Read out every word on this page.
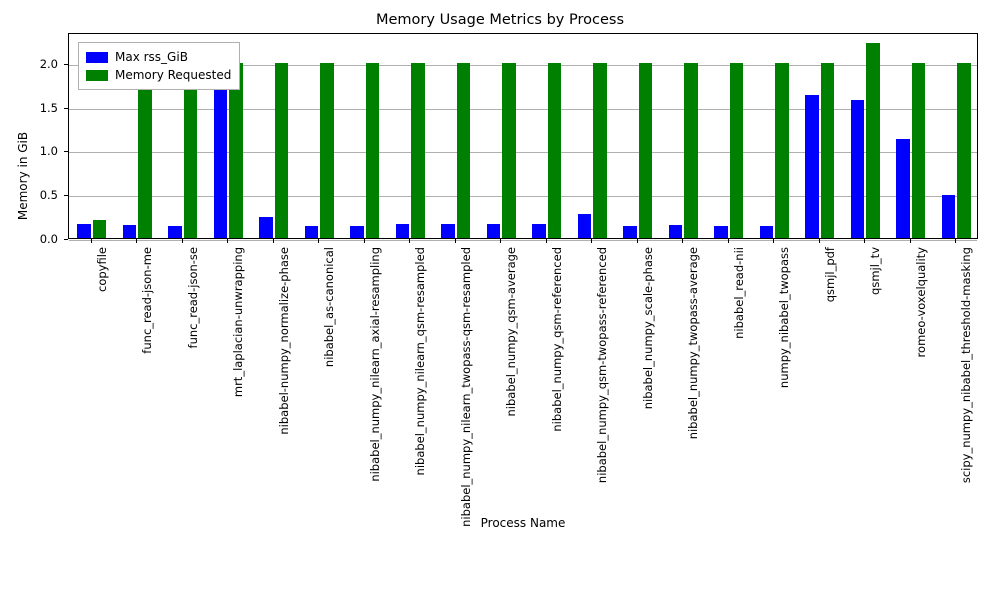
Memory Usage Metrics by Process
Memory in GiB
0.0
0.5
1.0
1.5
2.0
copyfile	func_read-json-me	func_read-json-se	mrt_laplacian-unwrapping	nibabel-numpy_normalize-phase	nibabel_as-canonical	nibabel_numpy_nilearn_axial-resampling	nibabel_numpy_nilearn_qsm-resampled	nibabel_numpy_nilearn_twopass-qsm-resampled	nibabel_numpy_qsm-average	nibabel_numpy_qsm-referenced	nibabel_numpy_qsm-twopass-referenced	nibabel_numpy_scale-phase	nibabel_numpy_twopass-average	nibabel_read-nii	numpy_nibabel_twopass	qsmjl_pdf	qsmjl_tv	romeo-voxelquality	scipy_numpy_nibabel_threshold-masking
Process Name
Max rss_GiB
Memory Requested
